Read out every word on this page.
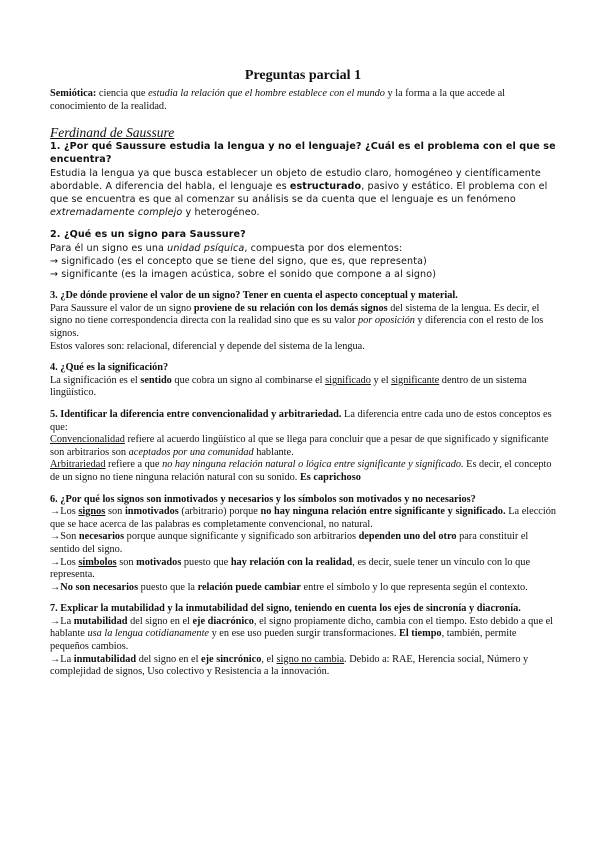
Preguntas parcial 1

Semiótica: ciencia que estudia la relación que el hombre establece con el mundo y la forma a la que accede al conocimiento de la realidad.

Ferdinand de Saussure

1. ¿Por qué Saussure estudia la lengua y no el lenguaje? ¿Cuál es el problema con el que se encuentra?

Estudia la lengua ya que busca establecer un objeto de estudio claro, homogéneo y científicamente abordable. A diferencia del habla, el lenguaje es estructurado, pasivo y estático. El problema con el que se encuentra es que al comenzar su análisis se da cuenta que el lenguaje es un fenómeno extremadamente complejo y heterogéneo.

2. ¿Qué es un signo para Saussure?

Para él un signo es una unidad psíquica, compuesta por dos elementos:

→ significado (es el concepto que se tiene del signo, que es, que representa)

→ significante (es la imagen acústica, sobre el sonido que compone a al signo)

3. ¿De dónde proviene el valor de un signo? Tener en cuenta el aspecto conceptual y material.

Para Saussure el valor de un signo proviene de su relación con los demás signos del sistema de la lengua. Es decir, el signo no tiene correspondencia directa con la realidad sino que es su valor por oposición y diferencia con el resto de los signos.

Estos valores son: relacional, diferencial y depende del sistema de la lengua.

4. ¿Qué es la significación?

La significación es el sentido que cobra un signo al combinarse el significado y el significante dentro de un sistema lingüístico.

5. Identificar la diferencia entre convencionalidad y arbitrariedad. La diferencia entre cada uno de estos conceptos es que:

Convencionalidad refiere al acuerdo lingüístico al que se llega para concluir que a pesar de que significado y significante son arbitrarios son aceptados por una comunidad hablante.

Arbitrariedad refiere a que no hay ninguna relación natural o lógica entre significante y significado. Es decir, el concepto de un signo no tiene ninguna relación natural con su sonido. Es caprichoso

6. ¿Por qué los signos son inmotivados y necesarios y los símbolos son motivados y no necesarios?

→Los signos son inmotivados (arbitrario) porque no hay ninguna relación entre significante y significado. La elección que se hace acerca de las palabras es completamente convencional, no natural.

→Son necesarios porque aunque significante y significado son arbitrarios dependen uno del otro para constituir el sentido del signo.

→Los símbolos son motivados puesto que hay relación con la realidad, es decir, suele tener un vínculo con lo que representa.

→No son necesarios puesto que la relación puede cambiar entre el símbolo y lo que representa según el contexto.

7. Explicar la mutabilidad y la inmutabilidad del signo, teniendo en cuenta los ejes de sincronía y diacronía.

→La mutabilidad del signo en el eje diacrónico, el signo propiamente dicho, cambia con el tiempo. Esto debido a que el hablante usa la lengua cotidianamente y en ese uso pueden surgir transformaciones. El tiempo, también, permite pequeños cambios.

→La inmutabilidad del signo en el eje sincrónico, el signo no cambia. Debido a: RAE, Herencia social, Número y complejidad de signos, Uso colectivo y Resistencia a la innovación.
